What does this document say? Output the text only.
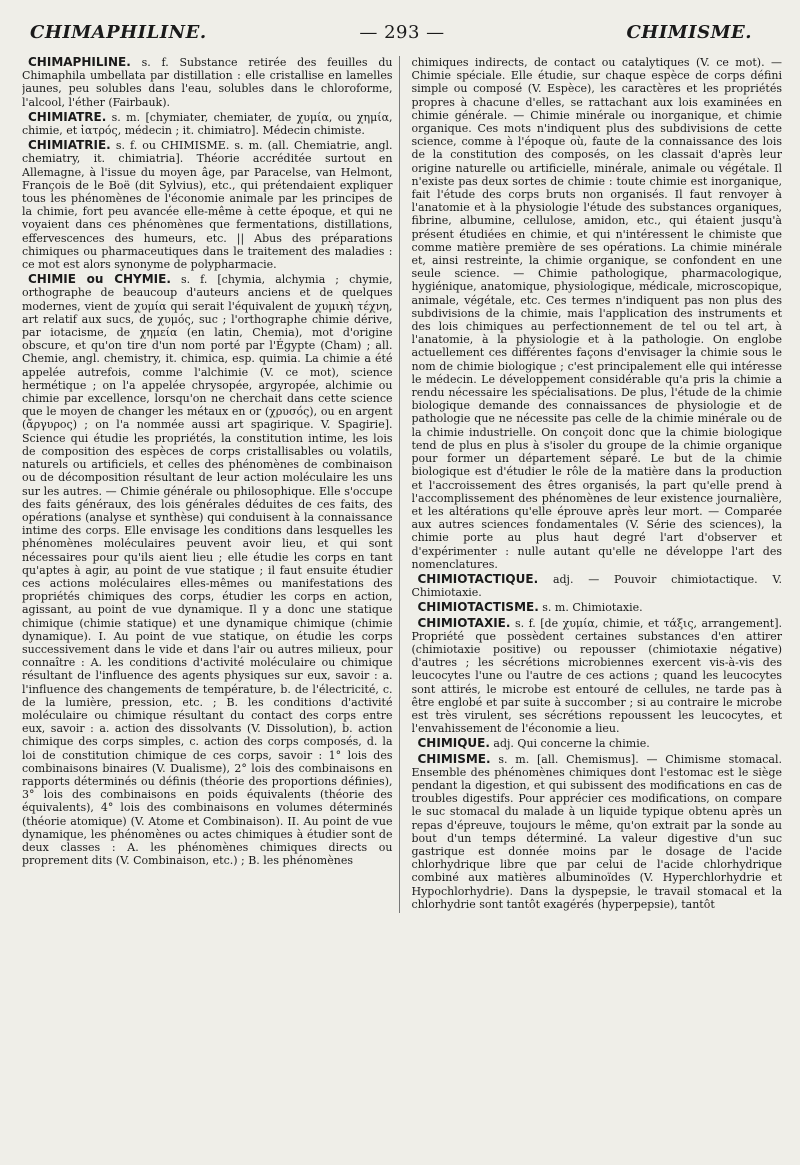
CHIMAPHILINE.	— 293 —	CHIMISME.

CHIMAPHILINE. s. f. Substance retirée des feuilles du Chimaphila umbellata par distillation : elle cristallise en lamelles jaunes, peu solubles dans l'eau, solubles dans le chloroforme, l'alcool, l'éther (Fairbauk).

CHIMIATRE. s. m. [chymiater, chemiater, de χυμία, ou χημία, chimie, et ἰατρός, médecin ; it. chimiatro]. Médecin chimiste.

CHIMIATRIE. s. f. ou CHIMISME. s. m. (all. Chemiatrie, angl. chemiatry, it. chimiatria]. Théorie accréditée surtout en Allemagne, à l'issue du moyen âge, par Paracelse, van Helmont, François de le Boë (dit Sylvius), etc., qui prétendaient expliquer tous les phénomènes de l'économie animale par les principes de la chimie, fort peu avancée elle-même à cette époque, et qui ne voyaient dans ces phénomènes que fermentations, distillations, effervescences des humeurs, etc. || Abus des préparations chimiques ou pharmaceutiques dans le traitement des maladies : ce mot est alors synonyme de polypharmacie.

CHIMIE ou CHYMIE. s. f. [chymia, alchymia ; chymie, orthographe de beaucoup d'auteurs anciens et de quelques modernes, vient de χυμία qui serait l'équivalent de χυμικὴ τέχνη, art relatif aux sucs, de χυμός, suc ; l'orthographe chimie dérive, par iotacisme, de χημεία (en latin, Chemia), mot d'origine obscure, et qu'on tire d'un nom porté par l'Égypte (Cham) ; all. Chemie, angl. chemistry, it. chimica, esp. quimia. La chimie a été appelée autrefois, comme l'alchimie (V. ce mot), science hermétique ; on l'a appelée chrysopée, argyropée, alchimie ou chimie par excellence, lorsqu'on ne cherchait dans cette science que le moyen de changer les métaux en or (χρυσός), ou en argent (ἄργυρος) ; on l'a nommée aussi art spagirique. V. Spagirie]. Science qui étudie les propriétés, la constitution intime, les lois de composition des espèces de corps cristallisables ou volatils, naturels ou artificiels, et celles des phénomènes de combinaison ou de décomposition résultant de leur action moléculaire les uns sur les autres. — Chimie générale ou philosophique. Elle s'occupe des faits généraux, des lois générales déduites de ces faits, des opérations (analyse et synthèse) qui conduisent à la connaissance intime des corps. Elle envisage les conditions dans lesquelles les phénomènes moléculaires peuvent avoir lieu, et qui sont nécessaires pour qu'ils aient lieu ; elle étudie les corps en tant qu'aptes à agir, au point de vue statique ; il faut ensuite étudier ces actions moléculaires elles-mêmes ou manifestations des propriétés chimiques des corps, étudier les corps en action, agissant, au point de vue dynamique. Il y a donc une statique chimique (chimie statique) et une dynamique chimique (chimie dynamique). I. Au point de vue statique, on étudie les corps successivement dans le vide et dans l'air ou autres milieux, pour connaître : A. les conditions d'activité moléculaire ou chimique résultant de l'influence des agents physiques sur eux, savoir : a. l'influence des changements de température, b. de l'électricité, c. de la lumière, pression, etc. ; B. les conditions d'activité moléculaire ou chimique résultant du contact des corps entre eux, savoir : a. action des dissolvants (V. Dissolution), b. action chimique des corps simples, c. action des corps composés, d. la loi de constitution chimique de ces corps, savoir : 1° lois des combinaisons binaires (V. Dualisme), 2° lois des combinaisons en rapports déterminés ou définis (théorie des proportions définies), 3° lois des combinaisons en poids équivalents (théorie des équivalents), 4° lois des combinaisons en volumes déterminés (théorie atomique) (V. Atome et Combinaison). II. Au point de vue dynamique, les phénomènes ou actes chimiques à étudier sont de deux classes : A. les phénomènes chimiques directs ou proprement dits (V. Combinaison, etc.) ; B. les phénomènes

chimiques indirects, de contact ou catalytiques (V. ce mot). — Chimie spéciale. Elle étudie, sur chaque espèce de corps défini simple ou composé (V. Espèce), les caractères et les propriétés propres à chacune d'elles, se rattachant aux lois examinées en chimie générale. — Chimie minérale ou inorganique, et chimie organique. Ces mots n'indiquent plus des subdivisions de cette science, comme à l'époque où, faute de la connaissance des lois de la constitution des composés, on les classait d'après leur origine naturelle ou artificielle, minérale, animale ou végétale. Il n'existe pas deux sortes de chimie : toute chimie est inorganique, fait l'étude des corps bruts non organisés. Il faut renvoyer à l'anatomie et à la physiologie l'étude des substances organiques, fibrine, albumine, cellulose, amidon, etc., qui étaient jusqu'à présent étudiées en chimie, et qui n'intéressent le chimiste que comme matière première de ses opérations. La chimie minérale et, ainsi restreinte, la chimie organique, se confondent en une seule science. — Chimie pathologique, pharmacologique, hygiénique, anatomique, physiologique, médicale, microscopique, animale, végétale, etc. Ces termes n'indiquent pas non plus des subdivisions de la chimie, mais l'application des instruments et des lois chimiques au perfectionnement de tel ou tel art, à l'anatomie, à la physiologie et à la pathologie. On englobe actuellement ces différentes façons d'envisager la chimie sous le nom de chimie biologique ; c'est principalement elle qui intéresse le médecin. Le développement considérable qu'a pris la chimie a rendu nécessaire les spécialisations. De plus, l'étude de la chimie biologique demande des connaissances de physiologie et de pathologie que ne nécessite pas celle de la chimie minérale ou de la chimie industrielle. On conçoit donc que la chimie biologique tend de plus en plus à s'isoler du groupe de la chimie organique pour former un département séparé. Le but de la chimie biologique est d'étudier le rôle de la matière dans la production et l'accroissement des êtres organisés, la part qu'elle prend à l'accomplissement des phénomènes de leur existence journalière, et les altérations qu'elle éprouve après leur mort. — Comparée aux autres sciences fondamentales (V. Série des sciences), la chimie porte au plus haut degré l'art d'observer et d'expérimenter : nulle autant qu'elle ne développe l'art des nomenclatures.

CHIMIOTACTIQUE. adj. — Pouvoir chimiotactique. V. Chimiotaxie.

CHIMIOTACTISME. s. m. Chimiotaxie.

CHIMIOTAXIE. s. f. [de χυμία, chimie, et τάξις, arrangement]. Propriété que possèdent certaines substances d'en attirer (chimiotaxie positive) ou repousser (chimiotaxie négative) d'autres ; les sécrétions microbiennes exercent vis-à-vis des leucocytes l'une ou l'autre de ces actions ; quand les leucocytes sont attirés, le microbe est entouré de cellules, ne tarde pas à être englobé et par suite à succomber ; si au contraire le microbe est très virulent, ses sécrétions repoussent les leucocytes, et l'envahissement de l'économie a lieu.

CHIMIQUE. adj. Qui concerne la chimie.

CHIMISME. s. m. [all. Chemismus]. — Chimisme stomacal. Ensemble des phénomènes chimiques dont l'estomac est le siège pendant la digestion, et qui subissent des modifications en cas de troubles digestifs. Pour apprécier ces modifications, on compare le suc stomacal du malade à un liquide typique obtenu après un repas d'épreuve, toujours le même, qu'on extrait par la sonde au bout d'un temps déterminé. La valeur digestive d'un suc gastrique est donnée moins par le dosage de l'acide chlorhydrique libre que par celui de l'acide chlorhydrique combiné aux matières albuminoïdes (V. Hyperchlorhydrie et Hypochlorhydrie). Dans la dyspepsie, le travail stomacal et la chlorhydrie sont tantôt exagérés (hyperpepsie), tantôt
